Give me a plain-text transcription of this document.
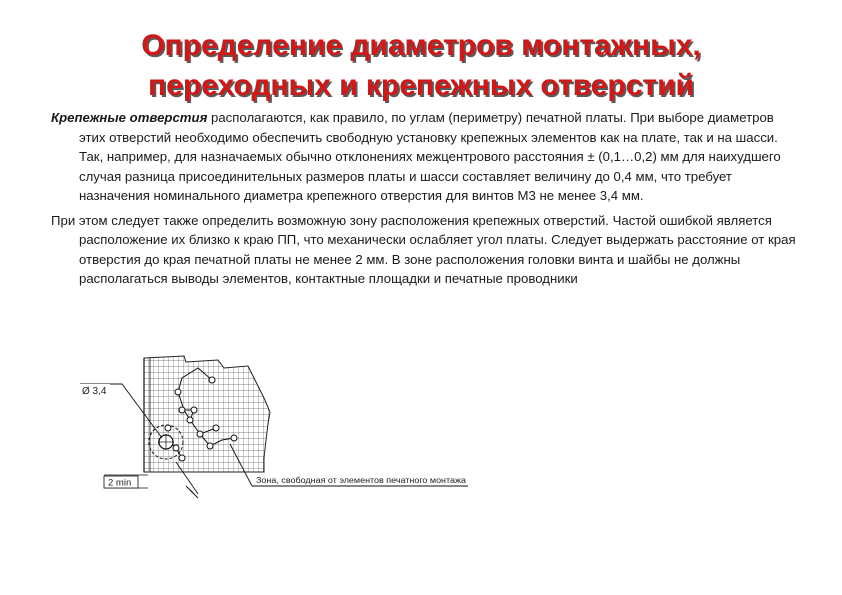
Определение диаметров монтажных,
переходных и крепежных отверстий

Крепежные отверстия располагаются, как правило, по углам (периметру) печатной платы. При выборе диаметров этих отверстий необходимо обеспечить свободную установку крепежных элементов как на плате, так и на шасси. Так, например, для назначаемых обычно отклонениях межцентрового расстояния ± (0,1…0,2) мм для наихудшего случая разница присоединительных размеров платы и шасси составляет величину до 0,4 мм, что требует назначения номинального диаметра крепежного отверстия для винтов М3 не менее 3,4 мм.

При этом следует также определить возможную зону расположения крепежных отверстий. Частой ошибкой является расположение их близко к краю ПП, что механически ослабляет угол платы. Следует выдержать расстояние от края отверстия до края печатной платы не менее 2 мм. В зоне расположения головки винта и шайбы не должны располагаться выводы элементов, контактные площадки и печатные проводники

Ø 3,4
2 min	Зона, свободная от элементов печатного монтажа
